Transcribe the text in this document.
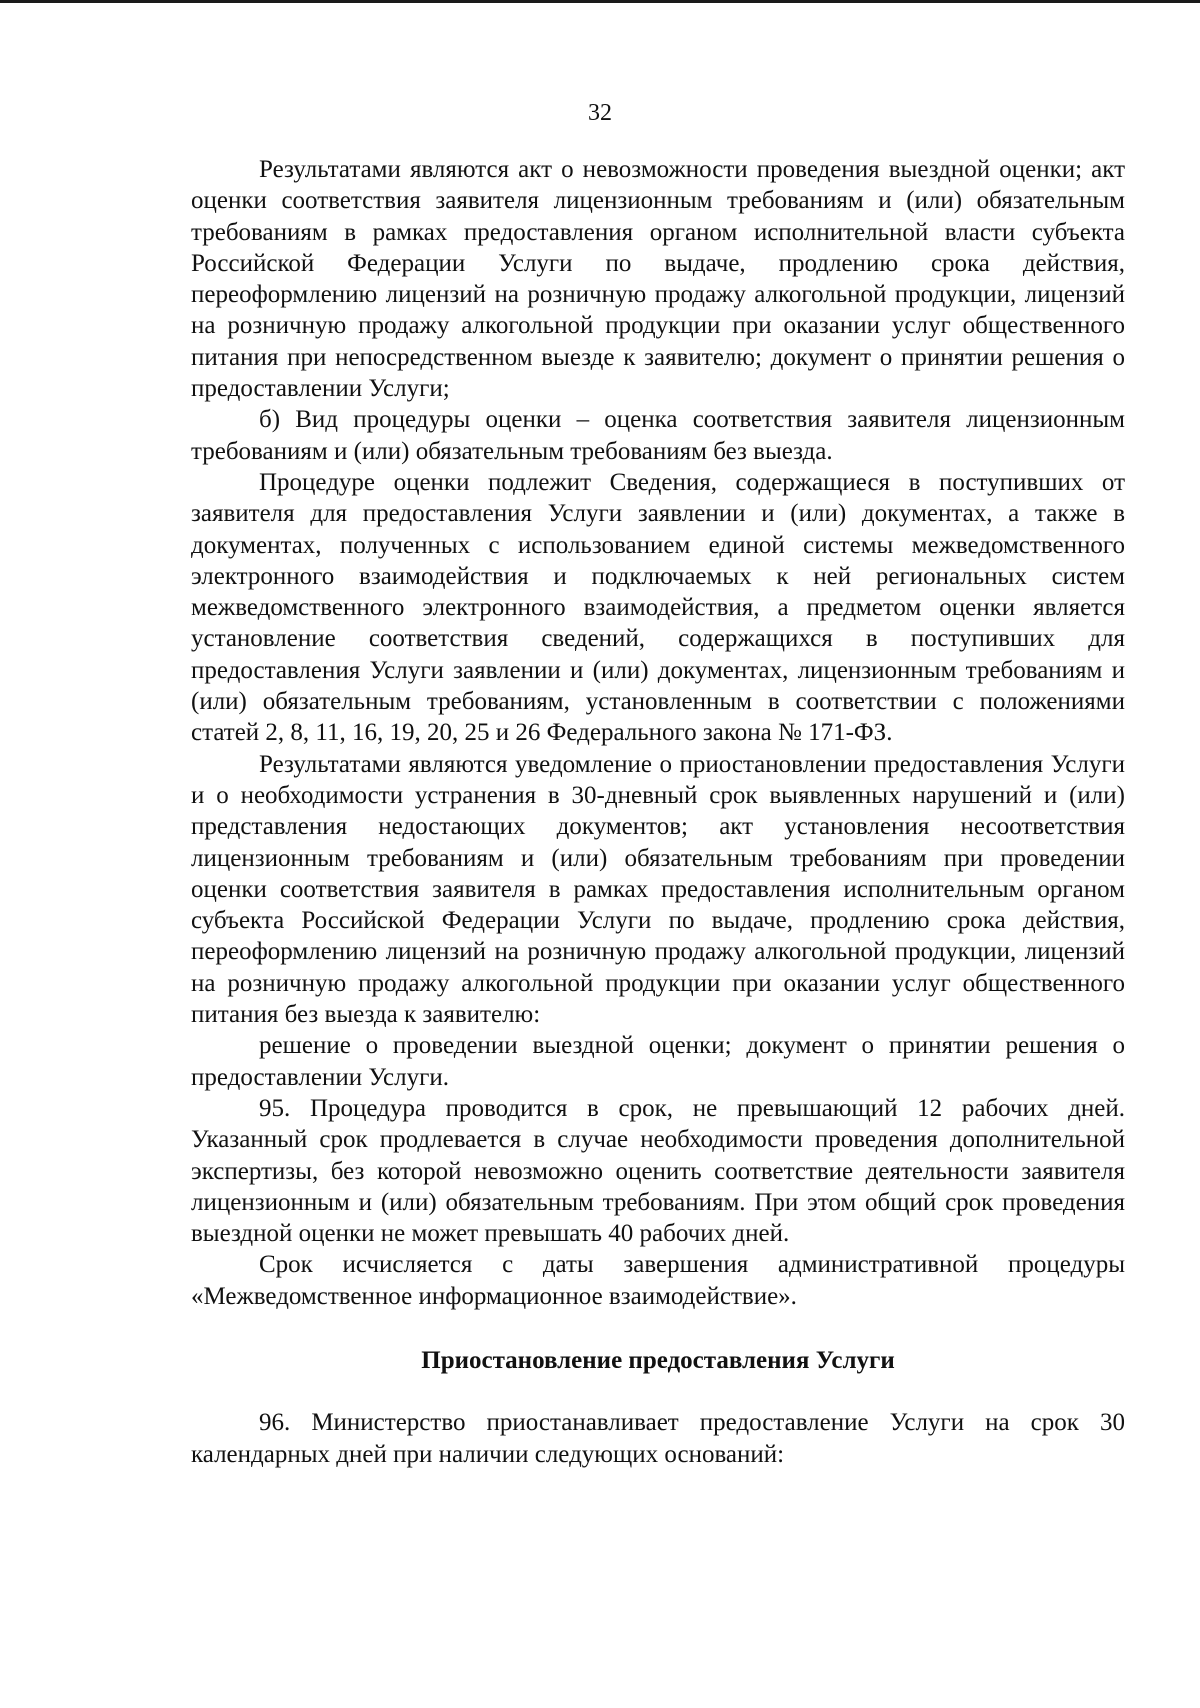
32

Результатами являются акт о невозможности проведения выездной оценки; акт оценки соответствия заявителя лицензионным требованиям и (или) обязательным требованиям в рамках предоставления органом исполнительной власти субъекта Российской Федерации Услуги по выдаче, продлению срока действия, переоформлению лицензий на розничную продажу алкогольной продукции, лицензий на розничную продажу алкогольной продукции при оказании услуг общественного питания при непосредственном выезде к заявителю; документ о принятии решения о предоставлении Услуги;

б) Вид процедуры оценки – оценка соответствия заявителя лицензионным требованиям и (или) обязательным требованиям без выезда.

Процедуре оценки подлежит Сведения, содержащиеся в поступивших от заявителя для предоставления Услуги заявлении и (или) документах, а также в документах, полученных с использованием единой системы межведомственного электронного взаимодействия и подключаемых к ней региональных систем межведомственного электронного взаимодействия, а предметом оценки является установление соответствия сведений, содержащихся в поступивших для предоставления Услуги заявлении и (или) документах, лицензионным требованиям и (или) обязательным требованиям, установленным в соответствии с положениями статей 2, 8, 11, 16, 19, 20, 25 и 26 Федерального закона № 171-ФЗ.

Результатами являются уведомление о приостановлении предоставления Услуги и о необходимости устранения в 30-дневный срок выявленных нарушений и (или) представления недостающих документов; акт установления несоответствия лицензионным требованиям и (или) обязательным требованиям при проведении оценки соответствия заявителя в рамках предоставления исполнительным органом субъекта Российской Федерации Услуги по выдаче, продлению срока действия, переоформлению лицензий на розничную продажу алкогольной продукции, лицензий на розничную продажу алкогольной продукции при оказании услуг общественного питания без выезда к заявителю:

решение о проведении выездной оценки; документ о принятии решения о предоставлении Услуги.

95. Процедура проводится в срок, не превышающий 12 рабочих дней. Указанный срок продлевается в случае необходимости проведения дополнительной экспертизы, без которой невозможно оценить соответствие деятельности заявителя лицензионным и (или) обязательным требованиям. При этом общий срок проведения выездной оценки не может превышать 40 рабочих дней.

Срок исчисляется с даты завершения административной процедуры «Межведомственное информационное взаимодействие».

Приостановление предоставления Услуги

96. Министерство приостанавливает предоставление Услуги на срок 30 календарных дней при наличии следующих оснований:
